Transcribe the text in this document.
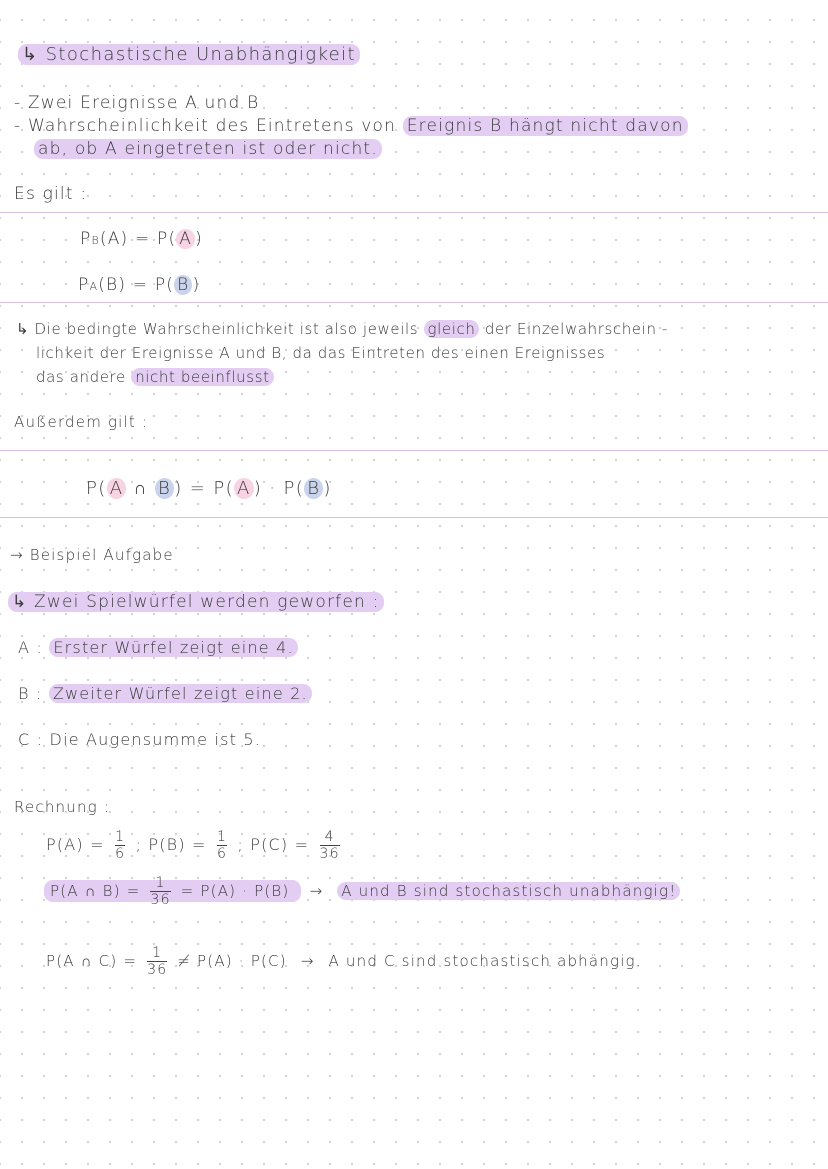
↳ Stochastische Unabhängigkeit
- Zwei Ereignisse A und B
- Wahrscheinlichkeit des Eintretens von Ereignis B hängt nicht davon
ab, ob A eingetreten ist oder nicht.
Es gilt :
PB(A) = P( A )
PA(B) = P( B )
↳ Die bedingte Wahrscheinlichkeit ist also jeweils gleich der Einzelwahrschein -
lichkeit der Ereignisse A und B, da das Eintreten des einen Ereignisses
das andere nicht beeinflusst
Außerdem gilt :
P( A ∩ B ) = P( A ) · P( B )
→ Beispiel Aufgabe
↳ Zwei Spielwürfel werden geworfen :
A : Erster Würfel zeigt eine 4.
B : Zweiter Würfel zeigt eine 2.
C : Die Augensumme ist 5.
Rechnung :
$P(A) = \frac{1}{6}$ ; $P(B) = \frac{1}{6}$ ; $P(C) = \frac{4}{36}$
P(A ∩ $B) = \frac{1}{36} = P(A) \cdot P(B) \to A$ und B sind stochastisch unabhängig!
P(A ∩ $C) = \frac{1}{36} \ne P(A) \cdot P(C) \to A$ und C sind stochastisch abhängig.
